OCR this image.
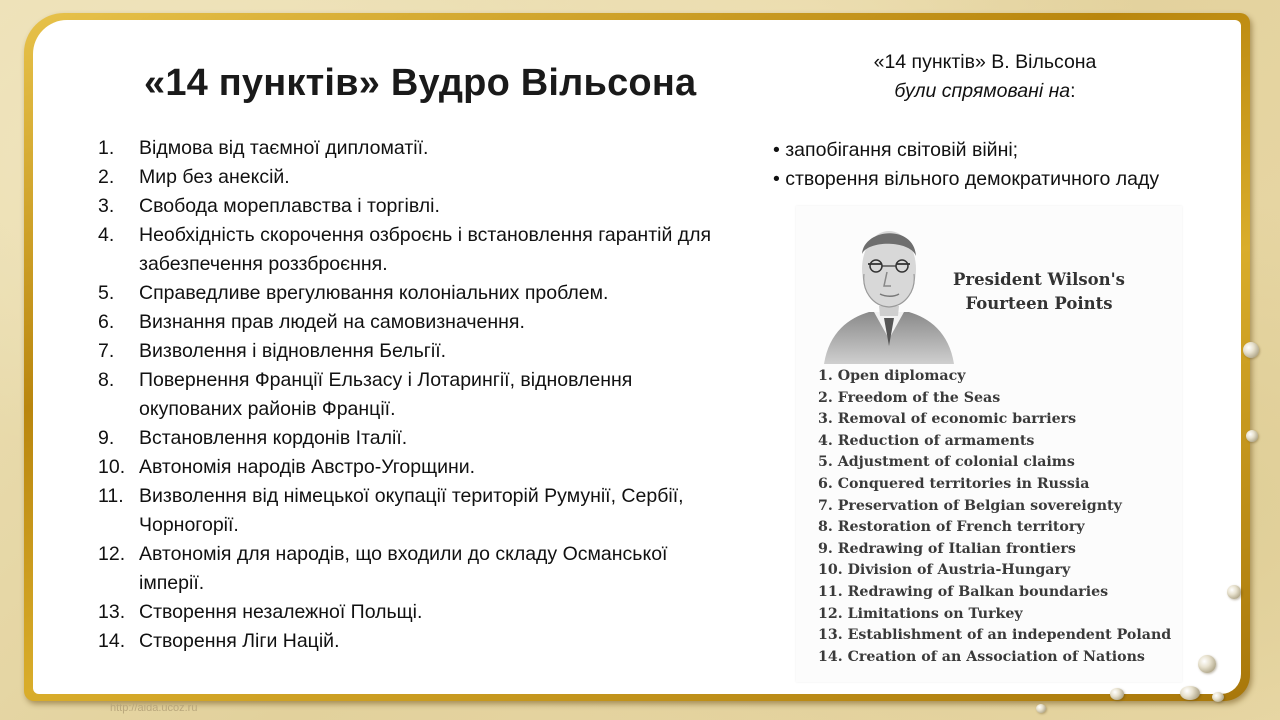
«14 пунктів» Вудро Вільсона
1. Відмова від таємної дипломатії.
2. Мир без анексій.
3. Свобода мореплавства і торгівлі.
4. Необхідність скорочення озброєнь і встановлення гарантій для забезпечення роззброєння.
5. Справедливе врегулювання колоніальних проблем.
6. Визнання прав людей на самовизначення.
7. Визволення і відновлення Бельгії.
8. Повернення Франції Ельзасу і Лотарингії, відновлення окупованих районів Франції.
9. Встановлення кордонів Італії.
10. Автономія народів Австро-Угорщини.
11. Визволення від німецької окупації територій Румунії, Сербії, Чорногорії.
12. Автономія для народів, що входили до складу Османської імперії.
13. Створення незалежної Польщі.
14. Створення Ліги Націй.
«14 пунктів» В. Вільсона
були спрямовані на:
• запобігання світовій війні;
• створення вільного демократичного ладу
President Wilson's
Fourteen Points
1. Open diplomacy
2. Freedom of the Seas
3. Removal of economic barriers
4. Reduction of armaments
5. Adjustment of colonial claims
6. Conquered territories in Russia
7. Preservation of Belgian sovereignty
8. Restoration of French territory
9. Redrawing of Italian frontiers
10. Division of Austria-Hungary
11. Redrawing of Balkan boundaries
12. Limitations on Turkey
13. Establishment of an independent Poland
14. Creation of an Association of Nations
http://aida.ucoz.ru
